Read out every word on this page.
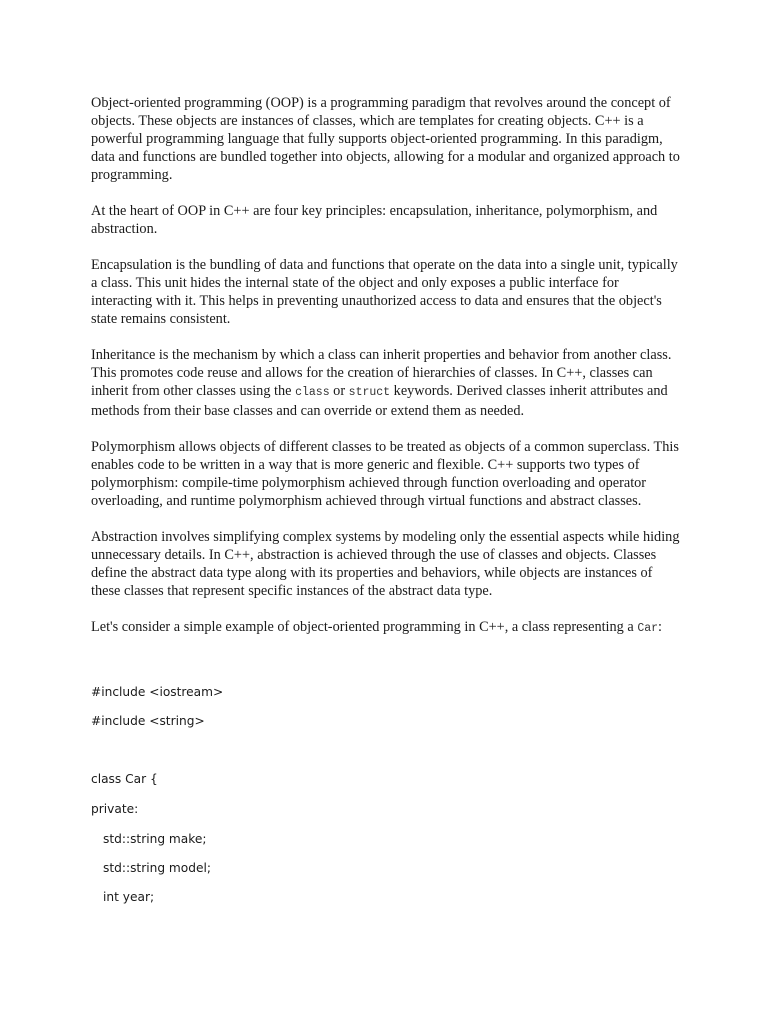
Object-oriented programming (OOP) is a programming paradigm that revolves around the concept of objects. These objects are instances of classes, which are templates for creating objects. C++ is a powerful programming language that fully supports object-oriented programming. In this paradigm, data and functions are bundled together into objects, allowing for a modular and organized approach to programming.

At the heart of OOP in C++ are four key principles: encapsulation, inheritance, polymorphism, and abstraction.

Encapsulation is the bundling of data and functions that operate on the data into a single unit, typically a class. This unit hides the internal state of the object and only exposes a public interface for interacting with it. This helps in preventing unauthorized access to data and ensures that the object's state remains consistent.

Inheritance is the mechanism by which a class can inherit properties and behavior from another class. This promotes code reuse and allows for the creation of hierarchies of classes. In C++, classes can inherit from other classes using the class or struct keywords. Derived classes inherit attributes and methods from their base classes and can override or extend them as needed.

Polymorphism allows objects of different classes to be treated as objects of a common superclass. This enables code to be written in a way that is more generic and flexible. C++ supports two types of polymorphism: compile-time polymorphism achieved through function overloading and operator overloading, and runtime polymorphism achieved through virtual functions and abstract classes.

Abstraction involves simplifying complex systems by modeling only the essential aspects while hiding unnecessary details. In C++, abstraction is achieved through the use of classes and objects. Classes define the abstract data type along with its properties and behaviors, while objects are instances of these classes that represent specific instances of the abstract data type.

Let's consider a simple example of object-oriented programming in C++, a class representing a Car:

#include <iostream>

#include <string>

class Car {

private:

std::string make;

std::string model;

int year;
